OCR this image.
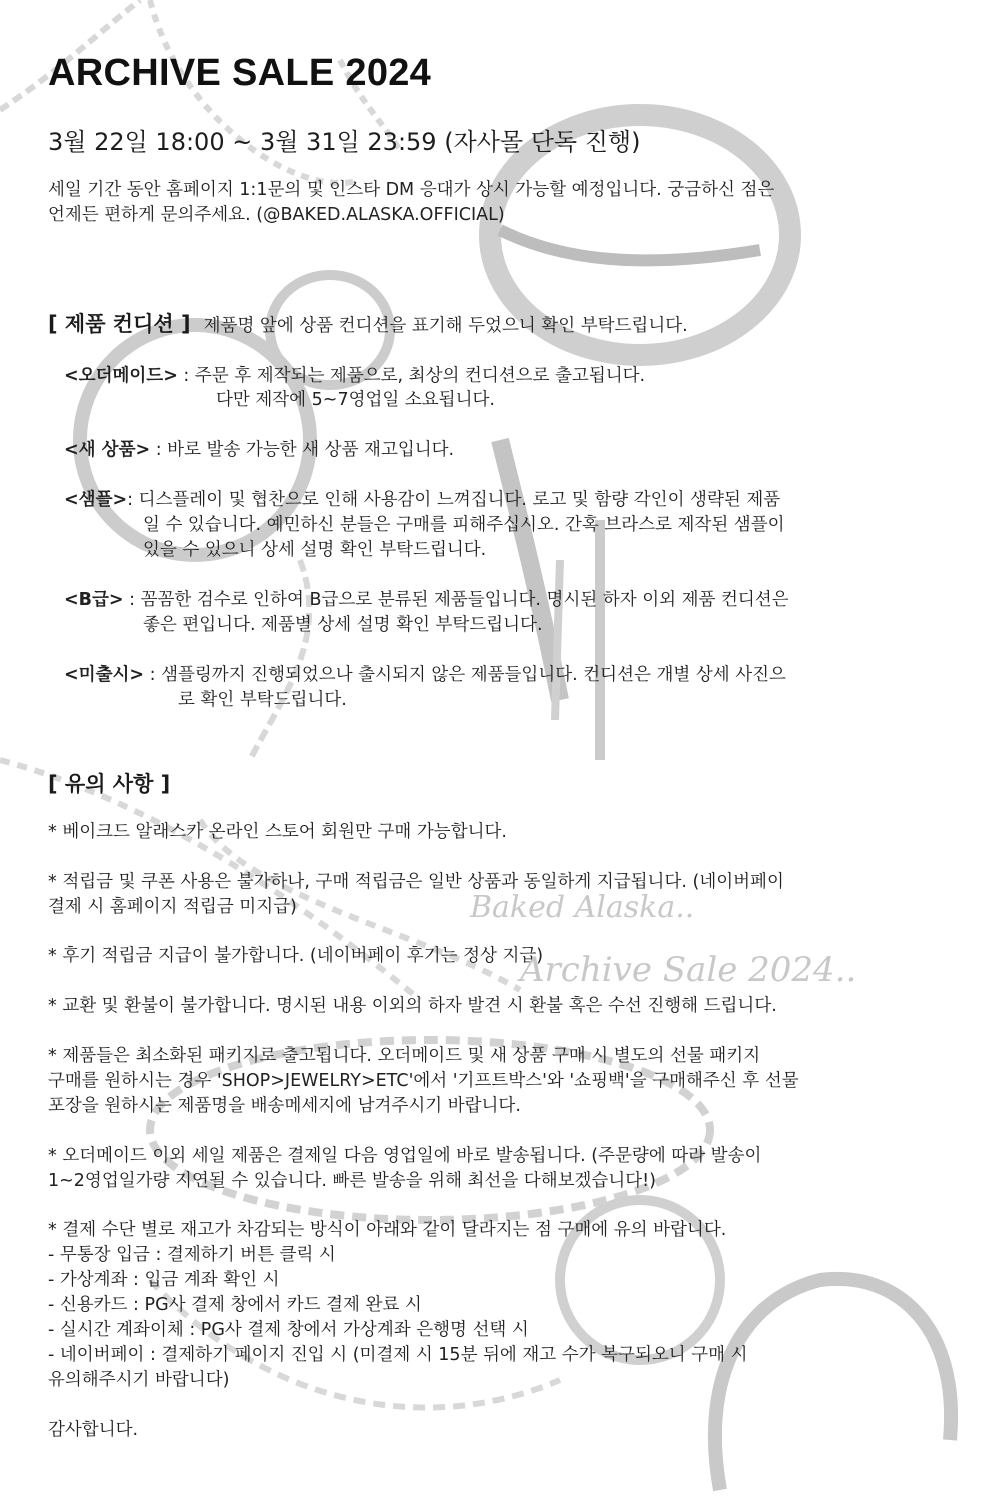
ARCHIVE SALE 2024
3월 22일 18:00 ~ 3월 31일 23:59 (자사몰 단독 진행)
세일 기간 동안 홈페이지 1:1문의 및 인스타 DM 응대가 상시 가능할 예정입니다. 궁금하신 점은
언제든 편하게 문의주세요. (@BAKED.ALASKA.OFFICIAL)
[ 제품 컨디션 ] 제품명 앞에 상품 컨디션을 표기해 두었으니 확인 부탁드립니다.
<오더메이드> : 주문 후 제작되는 제품으로, 최상의 컨디션으로 출고됩니다.
다만 제작에 5~7영업일 소요됩니다.
<새 상품> : 바로 발송 가능한 새 상품 재고입니다.
<샘플>: 디스플레이 및 협찬으로 인해 사용감이 느껴집니다. 로고 및 함량 각인이 생략된 제품
일 수 있습니다. 예민하신 분들은 구매를 피해주십시오. 간혹 브라스로 제작된 샘플이
있을 수 있으니 상세 설명 확인 부탁드립니다.
<B급> : 꼼꼼한 검수로 인하여 B급으로 분류된 제품들입니다. 명시된 하자 이외 제품 컨디션은
좋은 편입니다. 제품별 상세 설명 확인 부탁드립니다.
<미출시> : 샘플링까지 진행되었으나 출시되지 않은 제품들입니다. 컨디션은 개별 상세 사진으
로 확인 부탁드립니다.
[ 유의 사항 ]
* 베이크드 알래스카 온라인 스토어 회원만 구매 가능합니다.
* 적립금 및 쿠폰 사용은 불가하나, 구매 적립금은 일반 상품과 동일하게 지급됩니다. (네이버페이
결제 시 홈페이지 적립금 미지급)
* 후기 적립금 지급이 불가합니다. (네이버페이 후기는 정상 지급)
* 교환 및 환불이 불가합니다. 명시된 내용 이외의 하자 발견 시 환불 혹은 수선 진행해 드립니다.
* 제품들은 최소화된 패키지로 출고됩니다. 오더메이드 및 새 상품 구매 시 별도의 선물 패키지
구매를 원하시는 경우 'SHOP>JEWELRY>ETC'에서 '기프트박스'와 '쇼핑백'을 구매해주신 후 선물
포장을 원하시는 제품명을 배송메세지에 남겨주시기 바랍니다.
* 오더메이드 이외 세일 제품은 결제일 다음 영업일에 바로 발송됩니다. (주문량에 따라 발송이
1~2영업일가량 지연될 수 있습니다. 빠른 발송을 위해 최선을 다해보겠습니다!)
* 결제 수단 별로 재고가 차감되는 방식이 아래와 같이 달라지는 점 구매에 유의 바랍니다.
- 무통장 입금 : 결제하기 버튼 클릭 시
- 가상계좌 : 입금 계좌 확인 시
- 신용카드 : PG사 결제 창에서 카드 결제 완료 시
- 실시간 계좌이체 : PG사 결제 창에서 가상계좌 은행명 선택 시
- 네이버페이 : 결제하기 페이지 진입 시 (미결제 시 15분 뒤에 재고 수가 복구되오니 구매 시
유의해주시기 바랍니다)
감사합니다.
Baked Alaska..
Archive Sale 2024..
